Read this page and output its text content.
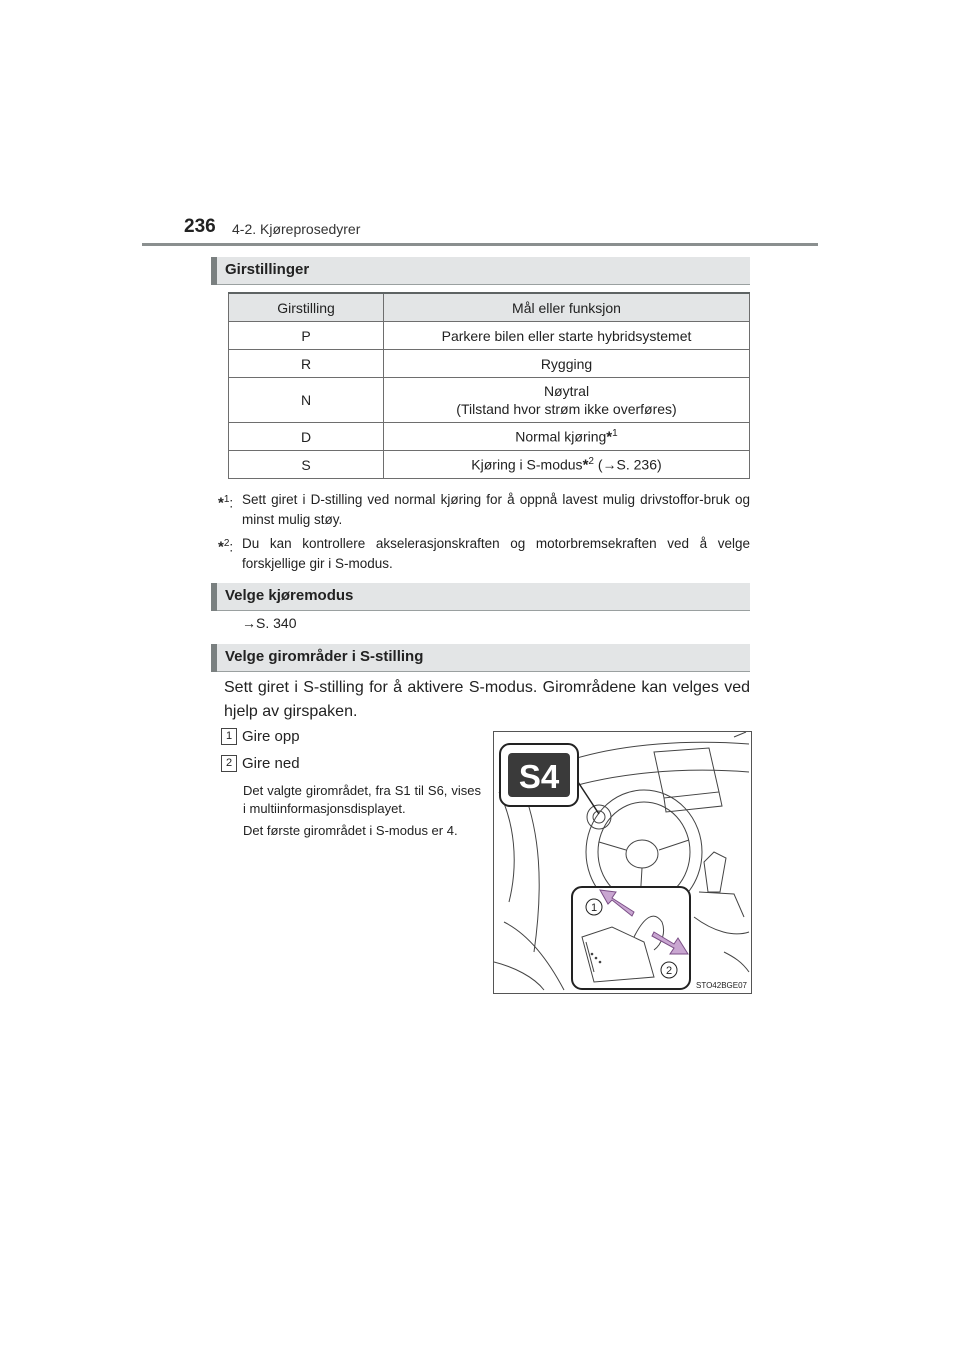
236 4-2. Kjøreprosedyrer
Girstillinger
Girstilling	Mål eller funksjon
P	Parkere bilen eller starte hybridsystemet
R	Rygging
N	Nøytral
(Tilstand hvor strøm ikke overføres)
D	Normal kjøring*$^1$
S	Kjøring i S-modus*$^2$ (→S. 236)
*$^1$: Sett giret i D-stilling ved normal kjøring for å oppnå lavest mulig drivstoffor-bruk og minst mulig støy.
*$^2$: Du kan kontrollere akselerasjonskraften og motorbremsekraften ved å velge forskjellige gir i S-modus.
Velge kjøremodus
→S. 340
Velge girområder i S-stilling
Sett giret i S-stilling for å aktivere S-modus. Girområdene kan velges ved hjelp av girspaken.
1 Gire opp
2 Gire ned
Det valgte girområdet, fra S1 til S6, vises i multiinformasjonsdisplayet.
Det første girområdet i S-modus er 4.
S4
1
2
STO42BGE07
